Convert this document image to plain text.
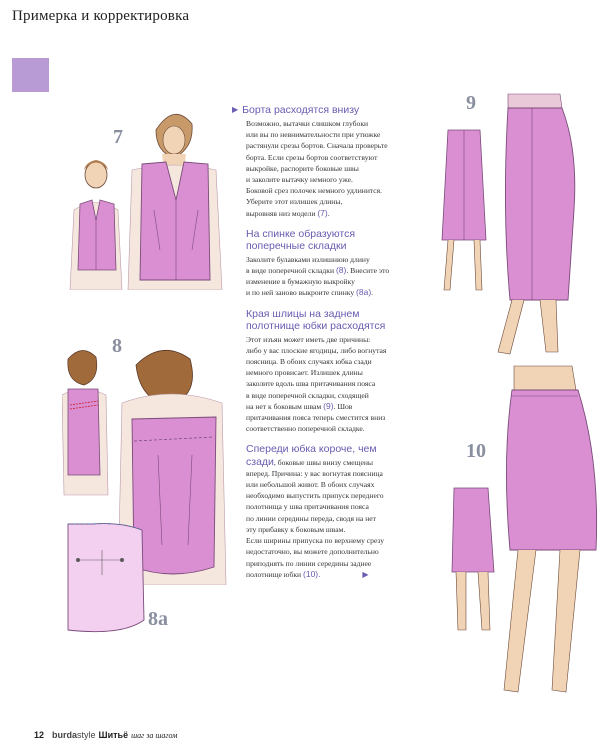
Примерка и корректировка
7
8
8a
9
10
▶ Борта расходятся внизу

Возможно, вытачки слишком глубоки
или вы по невнимательности при утюжке
растянули срезы бортов. Сначала проверьте
борта. Если срезы бортов соответствуют
выкройке, распорите боковые швы
и заколите вытачку немного уже.
Боковой срез полочек немного удлинится.
Уберите этот излишек длины,
выровняв низ модели (7).

На спинке образуются
поперечные складки

Заколите булавками излишнюю длину
в виде поперечной складки (8). Внесите это
изменение в бумажную выкройку
и по ней заново выкроите спинку (8a).

Края шлицы на заднем
полотнище юбки расходятся

Этот изъян может иметь две причины:
либо у вас плоские ягодицы, либо вогнутая
поясница. В обоих случаях юбка сзади
немного провисает. Излишек длины
заколите вдоль шва притачивания пояса
в виде поперечной складки, сходящей
на нет к боковым швам (9). Шов
притачивания пояса теперь сместится вниз
соответственно поперечной складке.

Спереди юбка короче, чем
сзади, боковые швы внизу смещены
вперед. Причина: у вас вогнутая поясница
или небольшой живот. В обоих случаях
необходимо выпустить припуск переднего
полотнища у шва притачивания пояса
по линии середины переда, сводя на нет
эту прибавку к боковым швам.
Если ширины припуска по верхнему срезу
недостаточно, вы можете дополнительно
приподнять по линии середины заднее
полотнище юбки (10).	▶

12 burdastyle Шитьё шаг за шагом
